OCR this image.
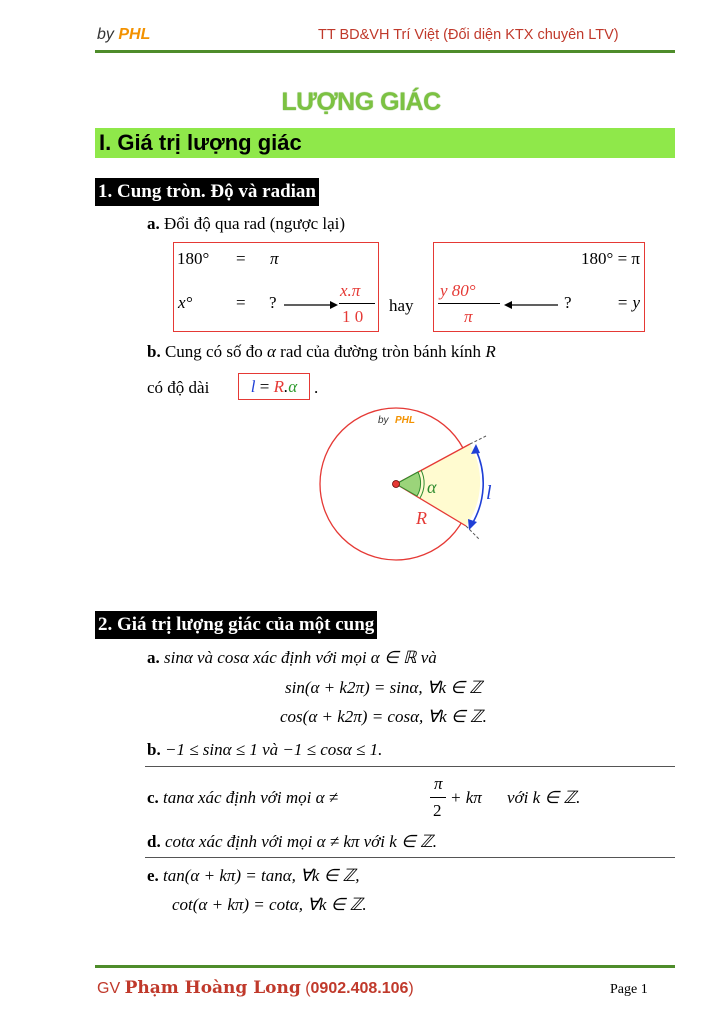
by PHL	TT BD&VH Trí Việt (Đối diện KTX chuyên LTV)
LƯỢNG GIÁC
I. Giá trị lượng giác
1. Cung tròn. Độ và radian
a. Đổi độ qua rad (ngược lại)
180° = π
x°	= ?
x.π
1 0
hay
180° = π
y 80°
π
?	= y
b. Cung có số đo α rad của đường tròn bánh kính R
có độ dài	l = R.α .
by PHL
α
R
l
2. Giá trị lượng giác của một cung
a. sinα và cosα xác định với mọi α ∈ ℝ và
sin(α + k2π) = sinα, ∀k ∈ ℤ
cos(α + k2π) = cosα, ∀k ∈ ℤ.
b. −1 ≤ sinα ≤ 1 và −1 ≤ cosα ≤ 1.
c. tanα xác định với mọi α ≠
π
2
+ kπ với k ∈ ℤ.
d. cotα xác định với mọi α ≠ kπ với k ∈ ℤ.
e. tan(α + kπ) = tanα, ∀k ∈ ℤ,
cot(α + kπ) = cotα, ∀k ∈ ℤ.
GV Phạm Hoàng Long (0902.408.106)	Page 1
